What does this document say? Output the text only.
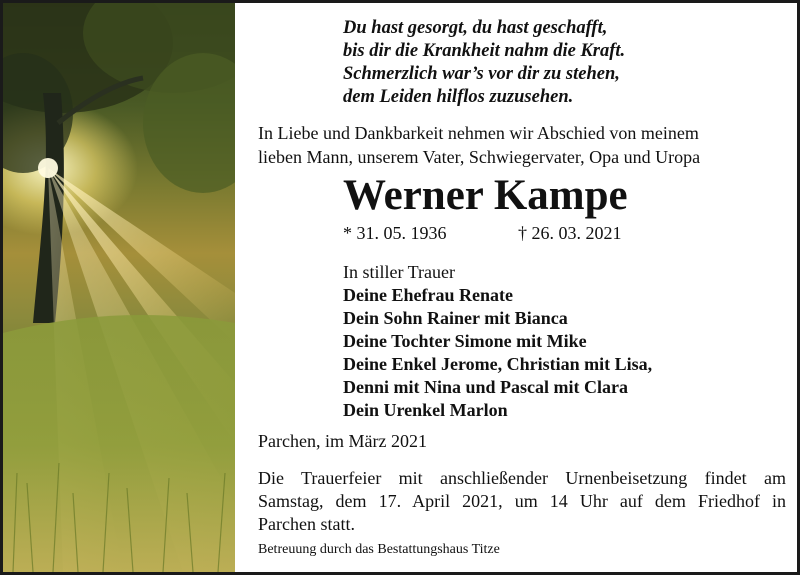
Du hast gesorgt, du hast geschafft,
bis dir die Krankheit nahm die Kraft.
Schmerzlich war’s vor dir zu stehen,
dem Leiden hilflos zuzusehen.
In Liebe und Dankbarkeit nehmen wir Abschied von meinem
lieben Mann, unserem Vater, Schwiegervater, Opa und Uropa
Werner Kampe
* 31. 05. 1936	† 26. 03. 2021
In stiller Trauer
Deine Ehefrau Renate
Dein Sohn Rainer mit Bianca
Deine Tochter Simone mit Mike
Deine Enkel Jerome, Christian mit Lisa,
Denni mit Nina und Pascal mit Clara
Dein Urenkel Marlon
Parchen, im März 2021
Die Trauerfeier mit anschließender Urnenbeisetzung findet am
Samstag, dem 17. April 2021, um 14 Uhr auf dem Friedhof in
Parchen statt.
Betreuung durch das Bestattungshaus Titze
